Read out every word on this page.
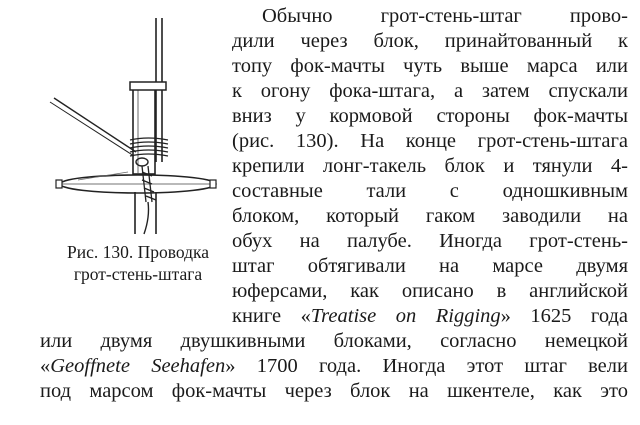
Рис. 130. Проводка
грот-стень-штага
Обычно грот-стень-штаг прово-
дили через блок, принайтованный к
топу фок-мачты чуть выше марса или
к огону фока-штага, а затем спускали
вниз у кормовой стороны фок-мачты
(рис. 130). На конце грот-стень-штага
крепили лонг-такель блок и тянули 4-
составные тали с одношкивным
блоком, который гаком заводили на
обух на палубе. Иногда грот-стень-
штаг обтягивали на марсе двумя
юферсами, как описано в английской
книге «Treatise on Rigging» 1625 года
или двумя двушкивными блоками, согласно немецкой
«Geoffnete Seehafen» 1700 года. Иногда этот штаг вели
под марсом фок-мачты через блок на шкентеле, как это
